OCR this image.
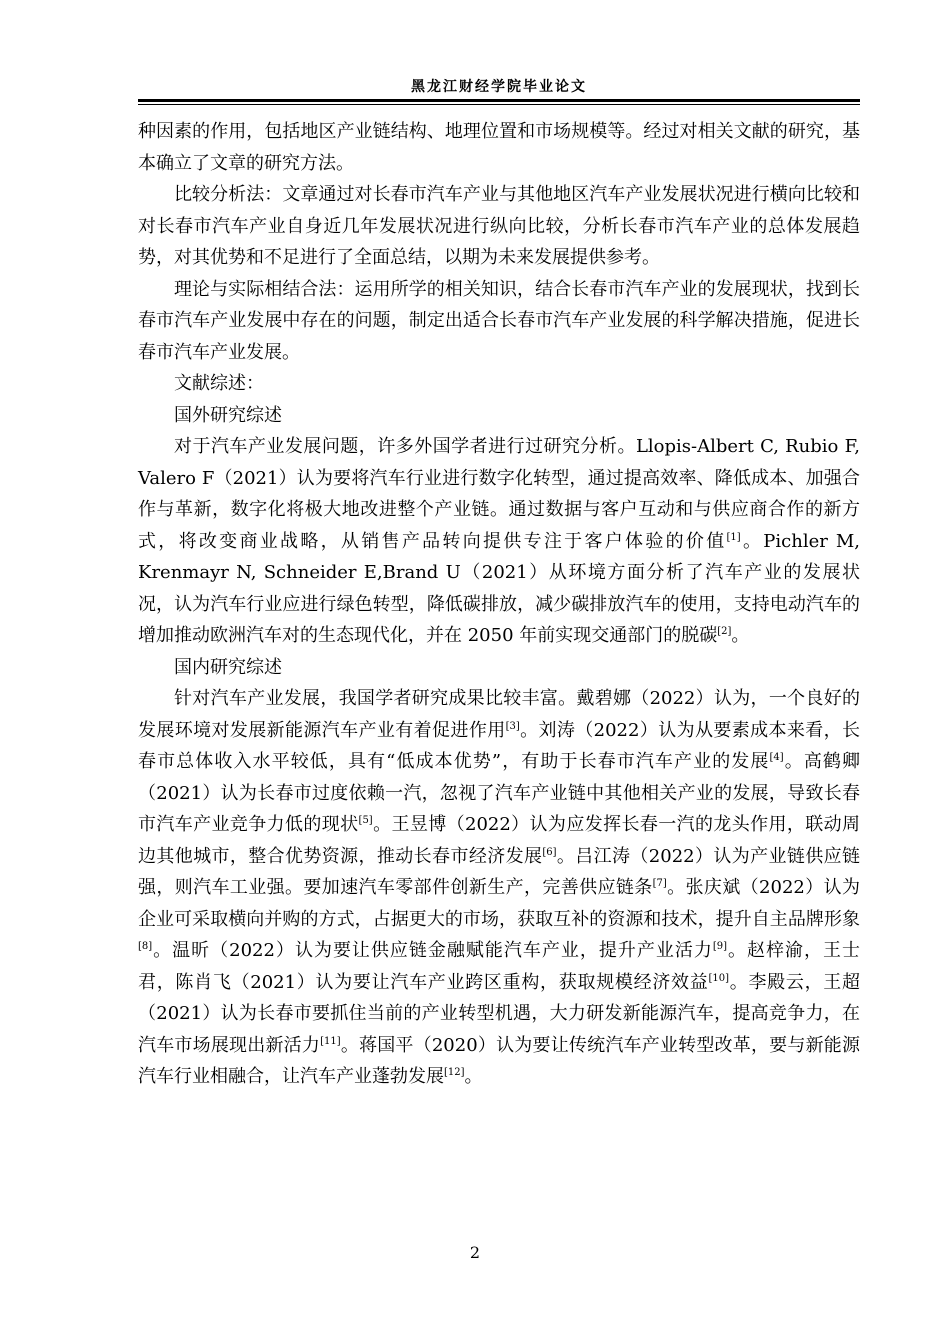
黑龙江财经学院毕业论文

种因素的作用，包括地区产业链结构、地理位置和市场规模等。经过对相关文献的研究，基本确立了文章的研究方法。

比较分析法：文章通过对长春市汽车产业与其他地区汽车产业发展状况进行横向比较和对长春市汽车产业自身近几年发展状况进行纵向比较，分析长春市汽车产业的总体发展趋势，对其优势和不足进行了全面总结，以期为未来发展提供参考。

理论与实际相结合法：运用所学的相关知识，结合长春市汽车产业的发展现状，找到长春市汽车产业发展中存在的问题，制定出适合长春市汽车产业发展的科学解决措施，促进长春市汽车产业发展。

文献综述：

国外研究综述

对于汽车产业发展问题，许多外国学者进行过研究分析。Llopis-Albert C, Rubio F, Valero F（2021）认为要将汽车行业进行数字化转型，通过提高效率、降低成本、加强合作与革新，数字化将极大地改进整个产业链。通过数据与客户互动和与供应商合作的新方式，将改变商业战略，从销售产品转向提供专注于客户体验的价值[1]。Pichler M, Krenmayr N, Schneider E,Brand U（2021）从环境方面分析了汽车产业的发展状况，认为汽车行业应进行绿色转型，降低碳排放，减少碳排放汽车的使用，支持电动汽车的增加推动欧洲汽车对的生态现代化，并在 2050 年前实现交通部门的脱碳[2]。

国内研究综述

针对汽车产业发展，我国学者研究成果比较丰富。戴碧娜（2022）认为，一个良好的发展环境对发展新能源汽车产业有着促进作用[3]。刘涛（2022）认为从要素成本来看，长春市总体收入水平较低，具有“低成本优势”，有助于长春市汽车产业的发展[4]。高鹤卿（2021）认为长春市过度依赖一汽，忽视了汽车产业链中其他相关产业的发展，导致长春市汽车产业竞争力低的现状[5]。王昱博（2022）认为应发挥长春一汽的龙头作用，联动周边其他城市，整合优势资源，推动长春市经济发展[6]。吕江涛（2022）认为产业链供应链强，则汽车工业强。要加速汽车零部件创新生产，完善供应链条[7]。张庆斌（2022）认为企业可采取横向并购的方式，占据更大的市场，获取互补的资源和技术，提升自主品牌形象[8]。温昕（2022）认为要让供应链金融赋能汽车产业，提升产业活力[9]。赵梓渝，王士君，陈肖飞（2021）认为要让汽车产业跨区重构，获取规模经济效益[10]。李殿云，王超（2021）认为长春市要抓住当前的产业转型机遇，大力研发新能源汽车，提高竞争力，在汽车市场展现出新活力[11]。蒋国平（2020）认为要让传统汽车产业转型改革，要与新能源汽车行业相融合，让汽车产业蓬勃发展[12]。

2
